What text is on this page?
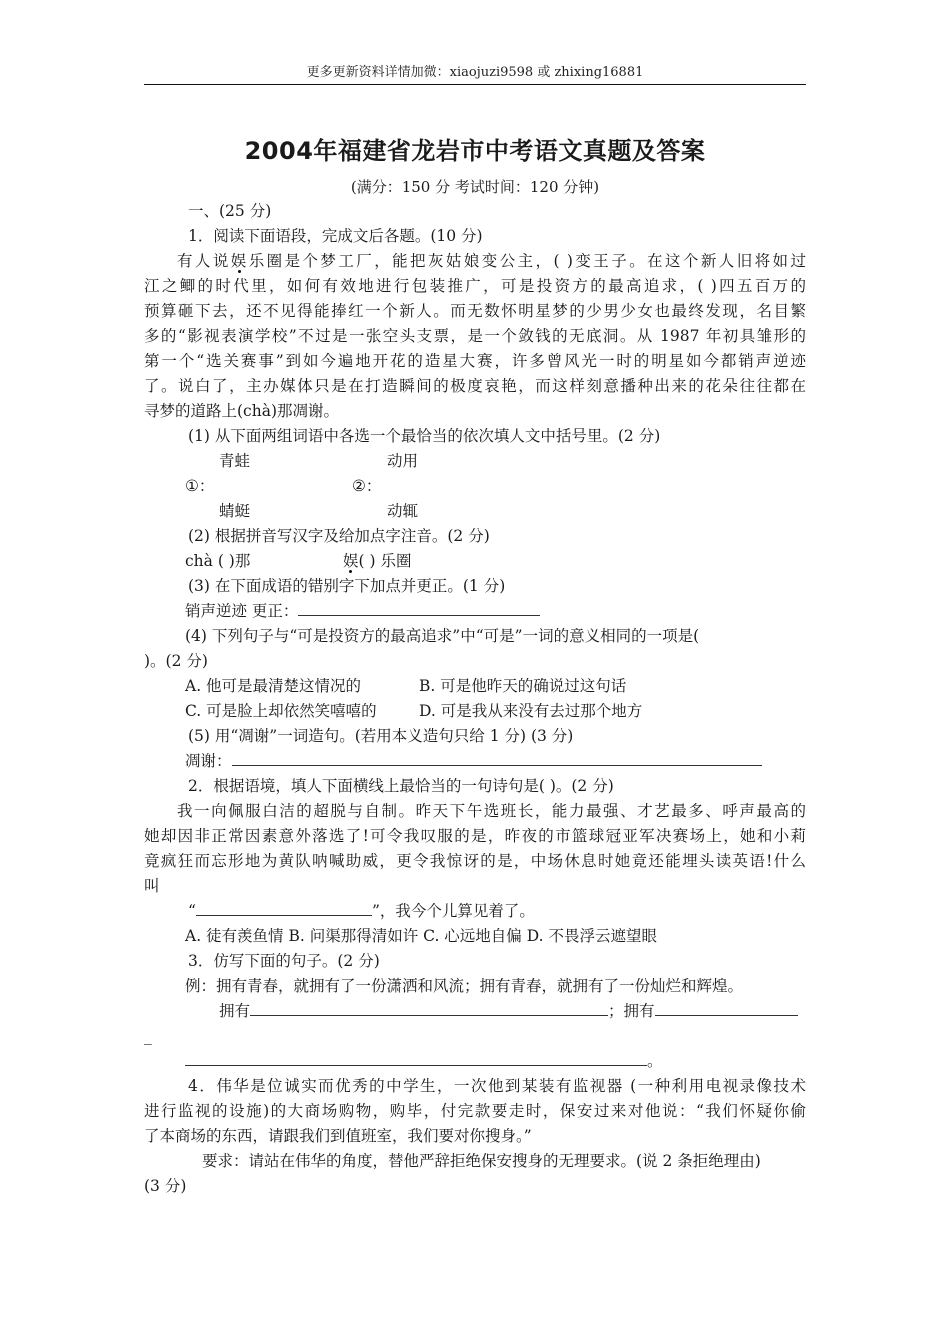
更多更新资料详情加微：xiaojuzi9598 或 zhixing16881
2004年福建省龙岩市中考语文真题及答案
(满分：150 分 考试时间：120 分钟)
一、(25 分)
1．阅读下面语段，完成文后各题。(10 分)
有人说娱乐圈是个梦工厂，能把灰姑娘变公主，( )变王子。在这个新人旧将如过
江之鲫的时代里，如何有效地进行包装推广，可是投资方的最高追求，( )四五百万的
预算砸下去，还不见得能捧红一个新人。而无数怀明星梦的少男少女也最终发现，名目繁
多的“影视表演学校”不过是一张空头支票，是一个敛钱的无底洞。从 1987 年初具雏形的
第一个“选关赛事”到如今遍地开花的造星大赛，许多曾风光一时的明星如今都销声逆迹
了。说白了，主办媒体只是在打造瞬间的极度哀艳，而这样刻意播种出来的花朵往往都在
寻梦的道路上(chà)那凋谢。
(1) 从下面两组词语中各选一个最恰当的依次填人文中括号里。(2 分)
青蛙	动用
①：	②：
蜻蜓	动辄
(2) 根据拼音写汉字及给加点字注音。(2 分)
chà ( )那	娱( ) 乐圈
(3) 在下面成语的错别字下加点并更正。(1 分)
销声逆迹 更正：
(4) 下列句子与“可是投资方的最高追求”中“可是”一词的意义相同的一项是(
)。(2 分)
A. 他可是最清楚这情况的	B. 可是他昨天的确说过这句话
C. 可是脸上却依然笑嘻嘻的	D. 可是我从来没有去过那个地方
(5) 用“凋谢”一词造句。(若用本义造句只给 1 分) (3 分)
凋谢：
2．根据语境，填人下面横线上最恰当的一句诗句是( )。(2 分)
我一向佩服白洁的超脱与自制。昨天下午选班长，能力最强、才艺最多、呼声最高的
她却因非正常因素意外落选了!可令我叹服的是，昨夜的市篮球冠亚军决赛场上，她和小莉
竟疯狂而忘形地为黄队呐喊助威，更令我惊讶的是，中场休息时她竟还能埋头读英语!什么
叫
“	”，我今个儿算见着了。
A. 徒有羡鱼情 B. 问渠那得清如许 C. 心远地自偏 D. 不畏浮云遮望眼
3．仿写下面的句子。(2 分)
例：拥有青春，就拥有了一份潇洒和风流；拥有青春，就拥有了一份灿烂和辉煌。
拥有	；拥有
_
。
4．伟华是位诚实而优秀的中学生，一次他到某装有监视器 (一种利用电视录像技术
进行监视的设施)的大商场购物，购毕，付完款要走时，保安过来对他说：“我们怀疑你偷
了本商场的东西，请跟我们到值班室，我们要对你搜身。”
要求：请站在伟华的角度，替他严辞拒绝保安搜身的无理要求。(说 2 条拒绝理由)
(3 分)
